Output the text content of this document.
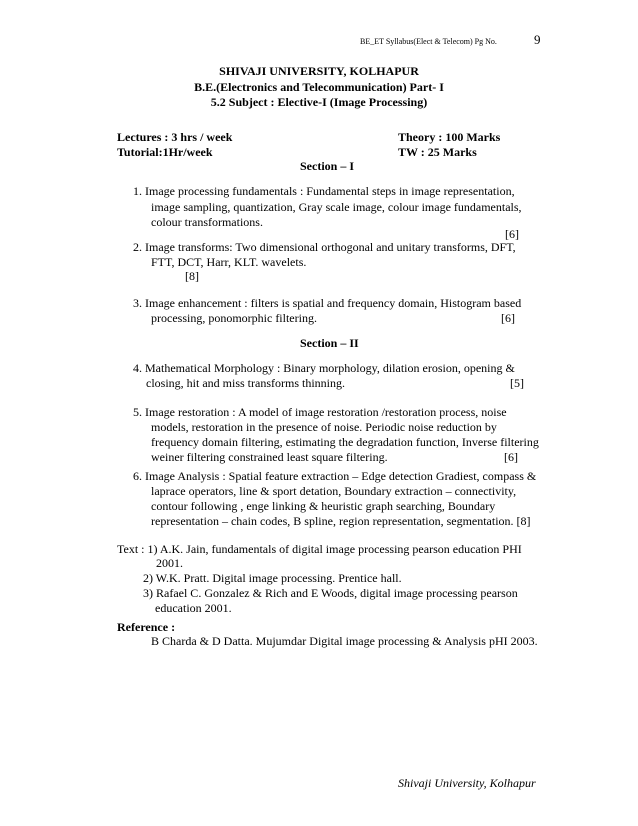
BE_ET Syllabus(Elect & Telecom) Pg No.	9
SHIVAJI UNIVERSITY, KOLHAPUR
B.E.(Electronics and Telecommunication) Part- I
5.2 Subject : Elective-I (Image Processing)
Lectures : 3 hrs / week	Theory : 100 Marks
Tutorial:1Hr/week	TW : 25 Marks
Section – I
1. Image processing fundamentals : Fundamental steps in image representation,
image sampling, quantization, Gray scale image, colour image fundamentals,
colour transformations.
[6]
2. Image transforms: Two dimensional orthogonal and unitary transforms, DFT,
FTT, DCT, Harr, KLT. wavelets.
[8]
3. Image enhancement : filters is spatial and frequency domain, Histogram based
processing, ponomorphic filtering.	[6]
Section – II
4. Mathematical Morphology : Binary morphology, dilation erosion, opening &
closing, hit and miss transforms thinning.	[5]
5. Image restoration : A model of image restoration /restoration process, noise
models, restoration in the presence of noise. Periodic noise reduction by
frequency domain filtering, estimating the degradation function, Inverse filtering
weiner filtering constrained least square filtering.	[6]
6. Image Analysis : Spatial feature extraction – Edge detection Gradiest, compass &
laprace operators, line & sport detation, Boundary extraction – connectivity,
contour following , enge linking & heuristic graph searching, Boundary
representation – chain codes, B spline, region representation, segmentation. [8]
Text : 1) A.K. Jain, fundamentals of digital image processing pearson education PHI
2001.
2) W.K. Pratt. Digital image processing. Prentice hall.
3) Rafael C. Gonzalez & Rich and E Woods, digital image processing pearson
education 2001.
Reference :
B Charda & D Datta. Mujumdar Digital image processing & Analysis pHI 2003.
Shivaji University, Kolhapur
